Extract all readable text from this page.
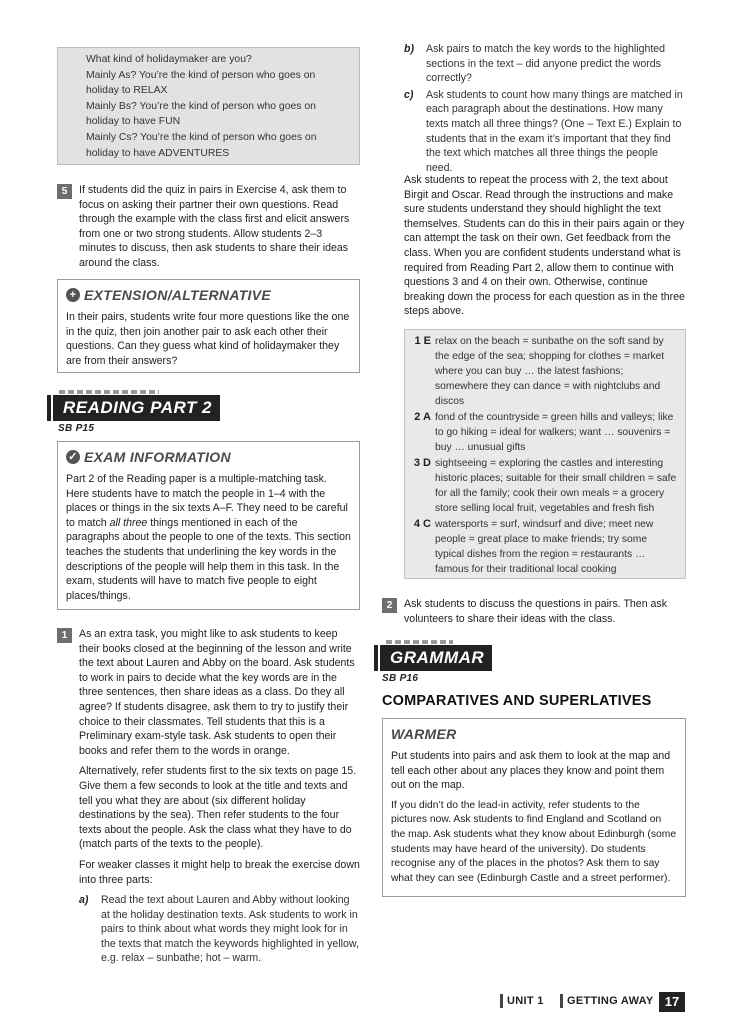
What kind of holidaymaker are you?

Mainly As? You’re the kind of person who goes on holiday to RELAX

Mainly Bs? You’re the kind of person who goes on holiday to have FUN

Mainly Cs? You’re the kind of person who goes on holiday to have ADVENTURES

5	If students did the quiz in pairs in Exercise 4, ask them to focus on asking their partner their own questions. Read through the example with the class first and elicit answers from one or two strong students. Allow students 2–3 minutes to discuss, then ask students to share their ideas around the class.

+ EXTENSION/ALTERNATIVE

In their pairs, students write four more questions like the one in the quiz, then join another pair to ask each other their questions. Can they guess what kind of holidaymaker they are from their answers?

READING PART 2
SB P15
✓ EXAM INFORMATION

Part 2 of the Reading paper is a multiple-matching task. Here students have to match the people in 1–4 with the places or things in the six texts A–F. They need to be careful to match all three things mentioned in each of the paragraphs about the people to one of the texts. This section teaches the students that underlining the key words in the descriptions of the people will help them in this task. In the exam, students will have to match five people to eight places/things.

1	As an extra task, you might like to ask students to keep their books closed at the beginning of the lesson and write the text about Lauren and Abby on the board. Ask students to work in pairs to decide what the key words are in the three sentences, then share ideas as a class. Do they all agree? If students disagree, ask them to try to justify their choice to their classmates. Tell students that this is a Preliminary exam-style task. Ask students to open their books and refer them to the words in orange.

Alternatively, refer students first to the six texts on page 15. Give them a few seconds to look at the title and texts and tell you what they are about (six different holiday destinations by the sea). Then refer students to the four texts about the people. Ask the class what they have to do (match parts of the texts to the people).

For weaker classes it might help to break the exercise down into three parts:

a)	Read the text about Lauren and Abby without looking at the holiday destination texts. Ask students to work in pairs to think about what words they might look for in the texts that match the keywords highlighted in yellow, e.g. relax – sunbathe; hot – warm.
b)	Ask pairs to match the key words to the highlighted sections in the text – did anyone predict the words correctly?
c)	Ask students to count how many things are matched in each paragraph about the destinations. How many texts match all three things? (One – Text E.) Explain to students that in the exam it’s important that they find the text which matches all three things the people need.

Ask students to repeat the process with 2, the text about Birgit and Oscar. Read through the instructions and make sure students understand they should highlight the text themselves. Students can do this in their pairs again or they can attempt the task on their own. Get feedback from the class. When you are confident students understand what is required from Reading Part 2, allow them to continue with questions 3 and 4 on their own. Otherwise, continue breaking down the process for each question as in the three steps above.

1 E relax on the beach = sunbathe on the soft sand by the edge of the sea; shopping for clothes = market where you can buy … the latest fashions; somewhere they can dance = with nightclubs and discos
2 A fond of the countryside = green hills and valleys; like to go hiking = ideal for walkers; want … souvenirs = buy … unusual gifts
3 D sightseeing = exploring the castles and interesting historic places; suitable for their small children = safe for all the family; cook their own meals = a grocery store selling local fruit, vegetables and fresh fish
4 C watersports = surf, windsurf and dive; meet new people = great place to make friends; try some typical dishes from the region = restaurants … famous for their traditional local cooking
2	Ask students to discuss the questions in pairs. Then ask volunteers to share their ideas with the class.

GRAMMAR
SB P16
COMPARATIVES AND SUPERLATIVES
WARMER

Put students into pairs and ask them to look at the map and tell each other about any places they know and point them out on the map.

If you didn’t do the lead-in activity, refer students to the pictures now. Ask students to find England and Scotland on the map. Ask students what they know about Edinburgh (some students may have heard of the university). Do students recognise any of the places in the photos? Ask them to say what they can see (Edinburgh Castle and a street performer).

UNIT 1	GETTING AWAY 17
